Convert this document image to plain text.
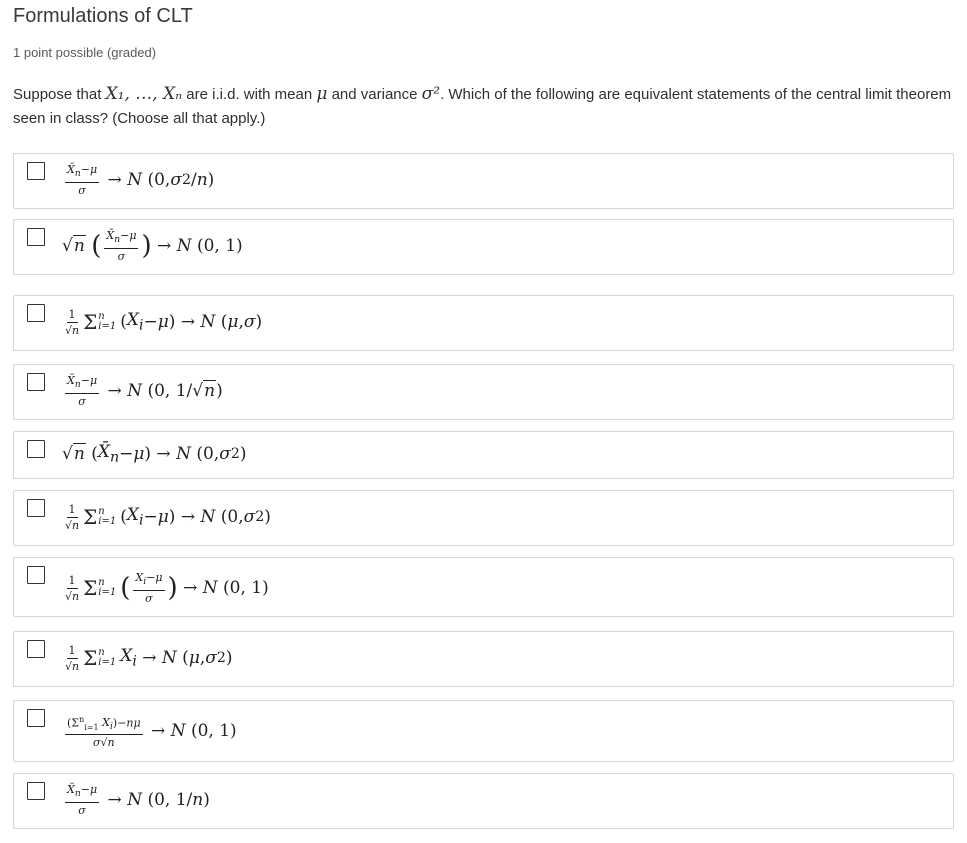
Formulations of CLT
1 point possible (graded)
Suppose that X₁, …, Xₙ are i.i.d. with mean μ and variance σ². Which of the following are equivalent statements of the central limit theorem seen in class? (Choose all that apply.)
$\frac{X̄_n-\mu}{\sigma} \to N$ (0, σ 2 / n )
√n
( $\frac{X̄_n-\mu}{\sigma}$ ) → N (0, 1)
$\frac{1}{√n}$ Σ n
i=1 ( $X_i - \mu$ ) → N ( μ , σ )
$\frac{X̄_n-\mu}{\sigma} \to N$ (0, 1/ √n )
√n ( $X̄_n - \mu$ ) → N (0, σ 2 )
$\frac{1}{√n}$ Σ n
i=1 ( $X_i - \mu$ ) → N (0, σ 2 )
$\frac{1}{√n}$ Σ n
i=1 ( $\frac{X_i-\mu}{\sigma}$ ) → N (0, 1)
$\frac{1}{√n}$ Σ n
i=1 $X_i \to N$ ( μ , σ 2 )
$\frac{(\Sigma^n_{i=1} X_i)-n\mu}{\sigma√n} \to N$ (0, 1)
$\frac{X̄_n-\mu}{\sigma} \to N$ (0, 1/ n )
